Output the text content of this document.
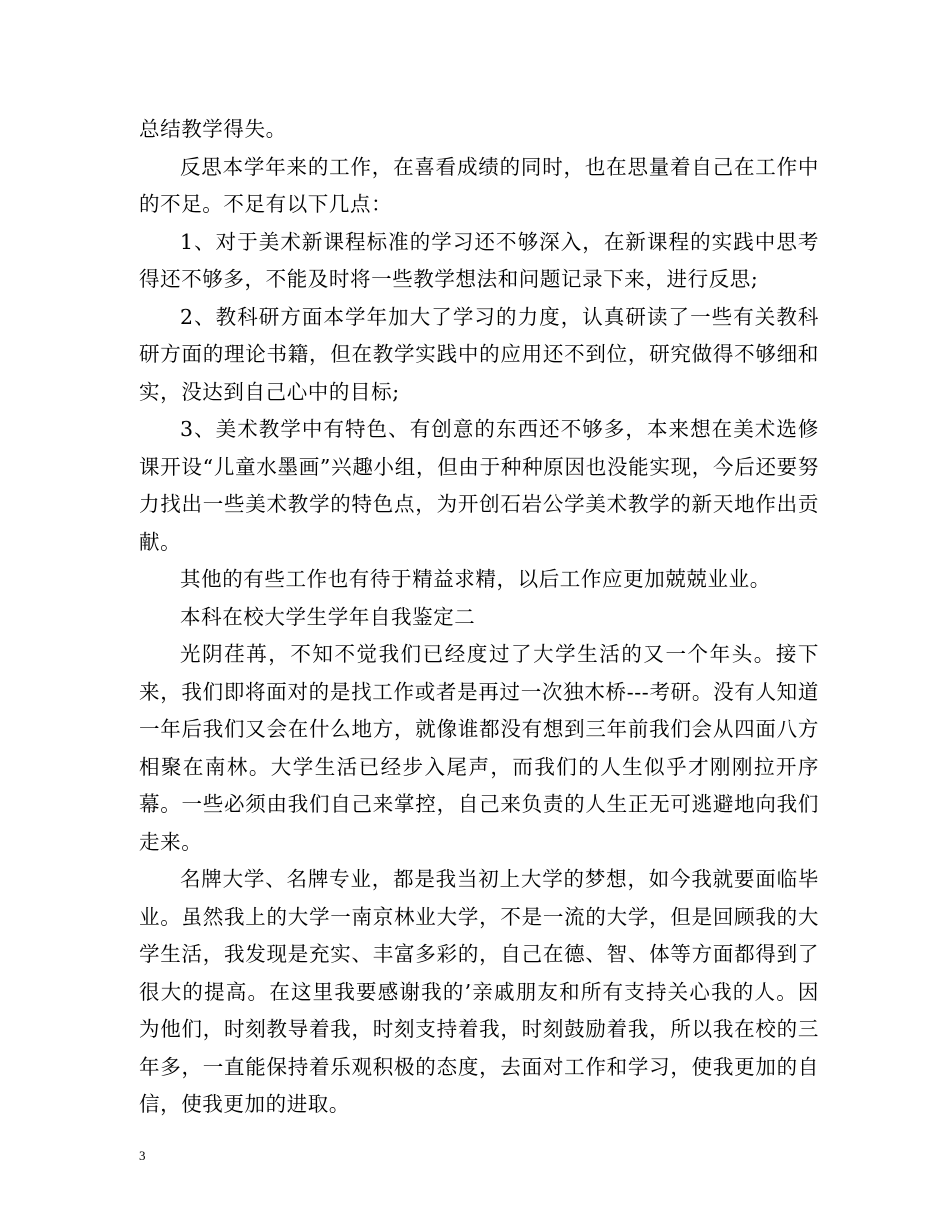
总结教学得失。

反思本学年来的工作，在喜看成绩的同时，也在思量着自己在工作中的不足。不足有以下几点：

1、对于美术新课程标准的学习还不够深入，在新课程的实践中思考得还不够多，不能及时将一些教学想法和问题记录下来，进行反思;

2、教科研方面本学年加大了学习的力度，认真研读了一些有关教科研方面的理论书籍，但在教学实践中的应用还不到位，研究做得不够细和实，没达到自己心中的目标;

3、美术教学中有特色、有创意的东西还不够多，本来想在美术选修课开设“儿童水墨画”兴趣小组，但由于种种原因也没能实现，今后还要努力找出一些美术教学的特色点，为开创石岩公学美术教学的新天地作出贡献。

其他的有些工作也有待于精益求精，以后工作应更加兢兢业业。

本科在校大学生学年自我鉴定二

光阴荏苒，不知不觉我们已经度过了大学生活的又一个年头。接下来，我们即将面对的是找工作或者是再过一次独木桥---考研。没有人知道一年后我们又会在什么地方，就像谁都没有想到三年前我们会从四面八方相聚在南林。大学生活已经步入尾声，而我们的人生似乎才刚刚拉开序幕。一些必须由我们自己来掌控，自己来负责的人生正无可逃避地向我们走来。

名牌大学、名牌专业，都是我当初上大学的梦想，如今我就要面临毕业。虽然我上的大学一南京林业大学，不是一流的大学，但是回顾我的大学生活，我发现是充实、丰富多彩的，自己在德、智、体等方面都得到了很大的提高。在这里我要感谢我的’亲戚朋友和所有支持关心我的人。因为他们，时刻教导着我，时刻支持着我，时刻鼓励着我，所以我在校的三年多，一直能保持着乐观积极的态度，去面对工作和学习，使我更加的自信，使我更加的进取。

3
